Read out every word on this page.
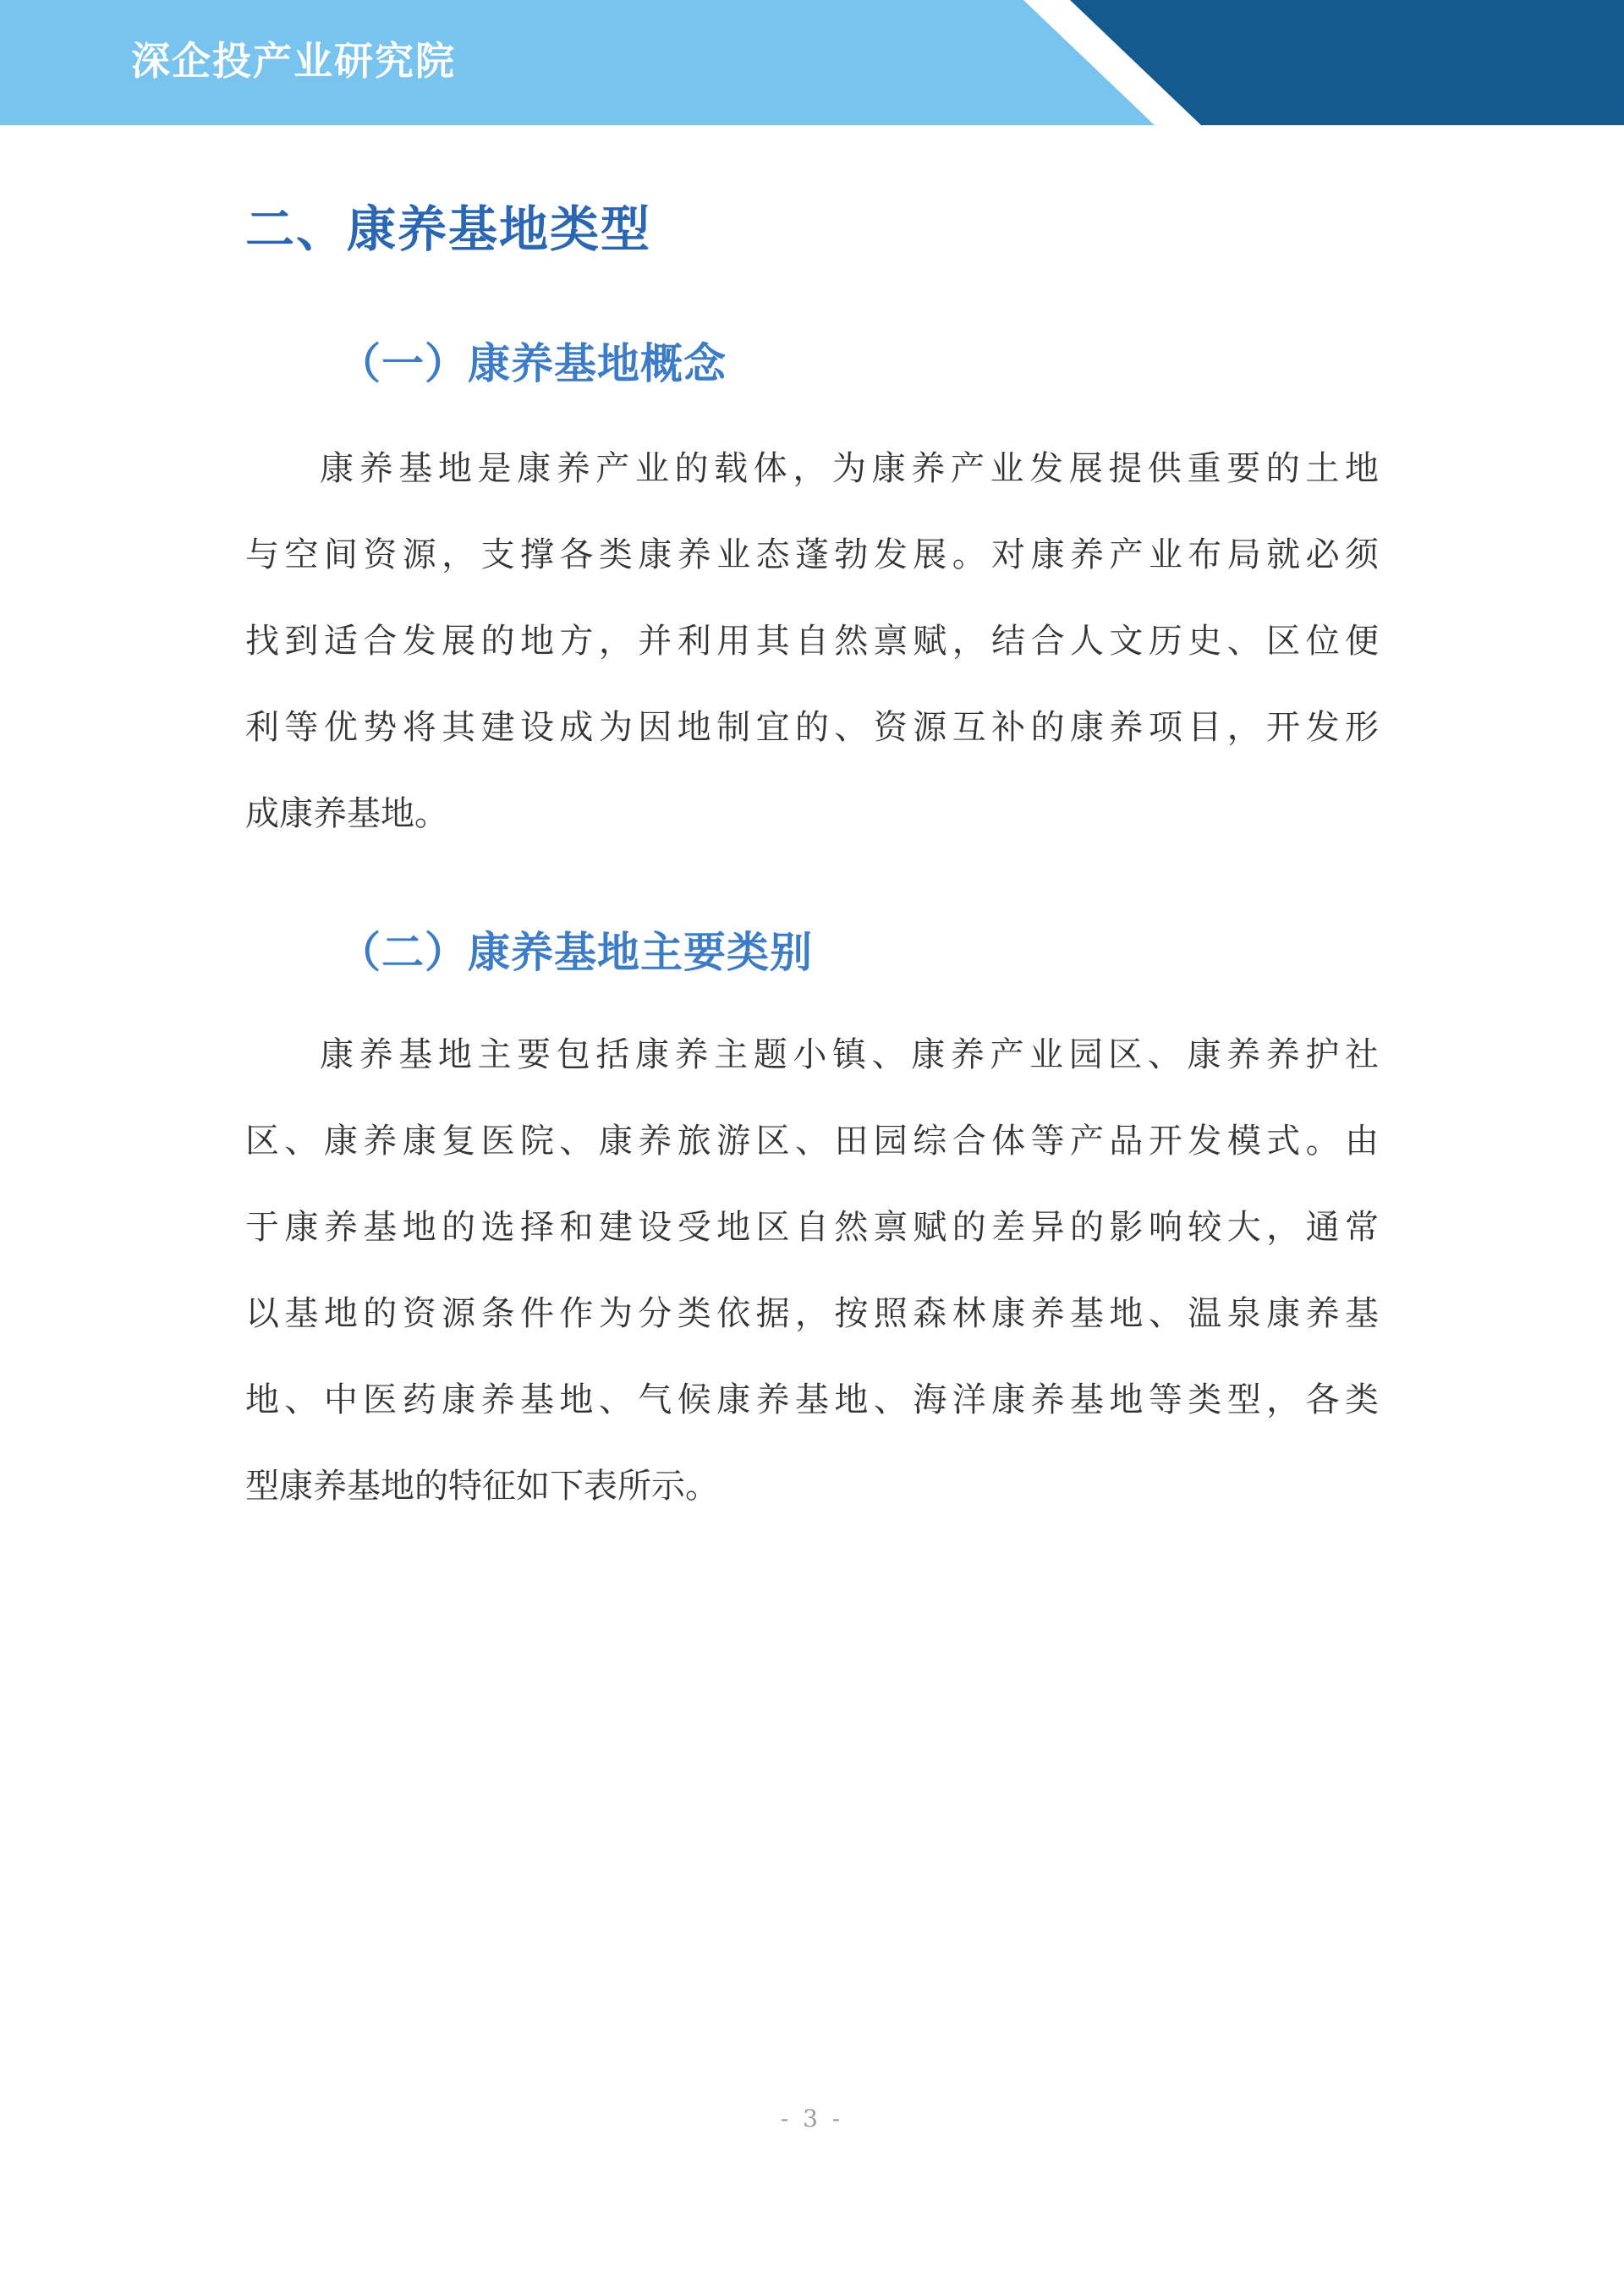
深企投产业研究院
二、康养基地类型
（一）康养基地概念

康养基地是康养产业的载体，为康养产业发展提供重要的土地
与空间资源，支撑各类康养业态蓬勃发展。对康养产业布局就必须
找到适合发展的地方，并利用其自然禀赋，结合人文历史、区位便
利等优势将其建设成为因地制宜的、资源互补的康养项目，开发形
成康养基地。

（二）康养基地主要类别

康养基地主要包括康养主题小镇、康养产业园区、康养养护社
区、康养康复医院、康养旅游区、田园综合体等产品开发模式。由
于康养基地的选择和建设受地区自然禀赋的差异的影响较大，通常
以基地的资源条件作为分类依据，按照森林康养基地、温泉康养基
地、中医药康养基地、气候康养基地、海洋康养基地等类型，各类
型康养基地的特征如下表所示。

- 3 -
